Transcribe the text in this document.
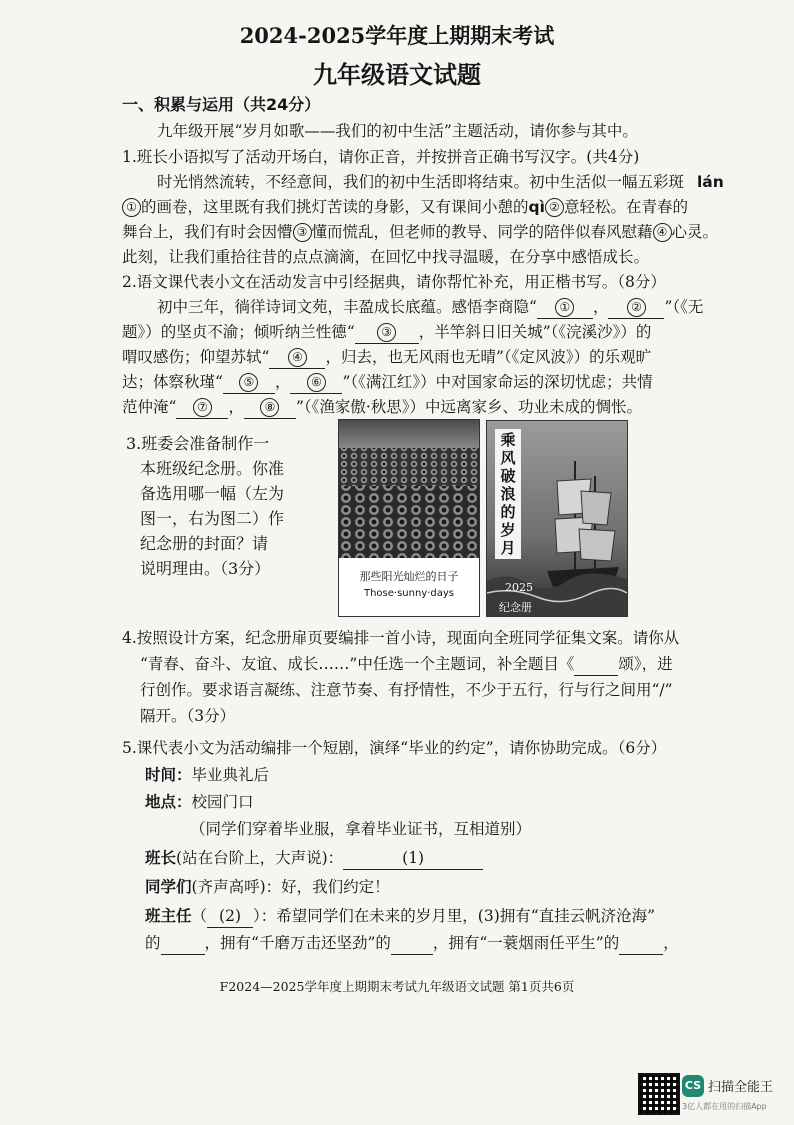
2024-2025学年度上期期末考试
九年级语文试题
一、积累与运用（共24分）
九年级开展“岁月如歌——我们的初中生活”主题活动，请你参与其中。
1.班长小语拟写了活动开场白，请你正音，并按拼音正确书写汉字。(共4分)
时光悄然流转，不经意间，我们的初中生活即将结束。初中生活似一幅五彩斑 lán
① 的画卷，这里既有我们挑灯苦读的身影，又有课间小憩的qì ② 意轻松。在青春的
舞台上，我们有时会因懵 ③ 懂而慌乱，但老师的教导、同学的陪伴似春风慰藉 ④ 心灵。
此刻，让我们重拾往昔的点点滴滴，在回忆中找寻温暖，在分享中感悟成长。
2.语文课代表小文在活动发言中引经据典，请你帮忙补充，用正楷书写。（8分）
初中三年，徜徉诗词文苑，丰盈成长底蕴。感悟李商隐“ ① ， ② ”（《无
题》）的坚贞不渝；倾听纳兰性德“ ③ ，半竿斜日旧关城”（《浣溪沙》）的
喟叹感伤；仰望苏轼“ ④ ，归去，也无风雨也无晴”（《定风波》）的乐观旷
达；体察秋瑾“ ⑤ ， ⑥ ”（《满江红》）中对国家命运的深切忧虑；共情
范仲淹“ ⑦ ， ⑧ ”（《渔家傲·秋思》）中远离家乡、功业未成的惆怅。
3.班委会准备制作一
本班级纪念册。你准
备选用哪一幅（左为
图一，右为图二）作
纪念册的封面？请
说明理由。（3分）	那些阳光灿烂的日子
Those·sunny·days
乘
风
破
浪
的
岁
月
2025
纪念册
4.按照设计方案，纪念册扉页要编排一首小诗，现面向全班同学征集文案。请你从
“青春、奋斗、友谊、成长……”中任选一个主题词，补全题目《	颂》，进
行创作。要求语言凝练、注意节奏、有抒情性，不少于五行，行与行之间用“/”
隔开。（3分）
5.课代表小文为活动编排一个短剧，演绎“毕业的约定”，请你协助完成。（6分）
时间：毕业典礼后
地点：校园门口
（同学们穿着毕业服，拿着毕业证书，互相道别）
班长(站在台阶上，大声说)：	(1)
同学们(齐声高呼)：好，我们约定！
班主任（ (2) ）：希望同学们在未来的岁月里，(3)拥有“直挂云帆济沧海”
的	，拥有“千磨万击还坚劲”的	，拥有“一蓑烟雨任平生”的	，
F2024—2025学年度上期期末考试九年级语文试题 第1页共6页
CS 扫描全能王
3亿人都在用的扫描App
